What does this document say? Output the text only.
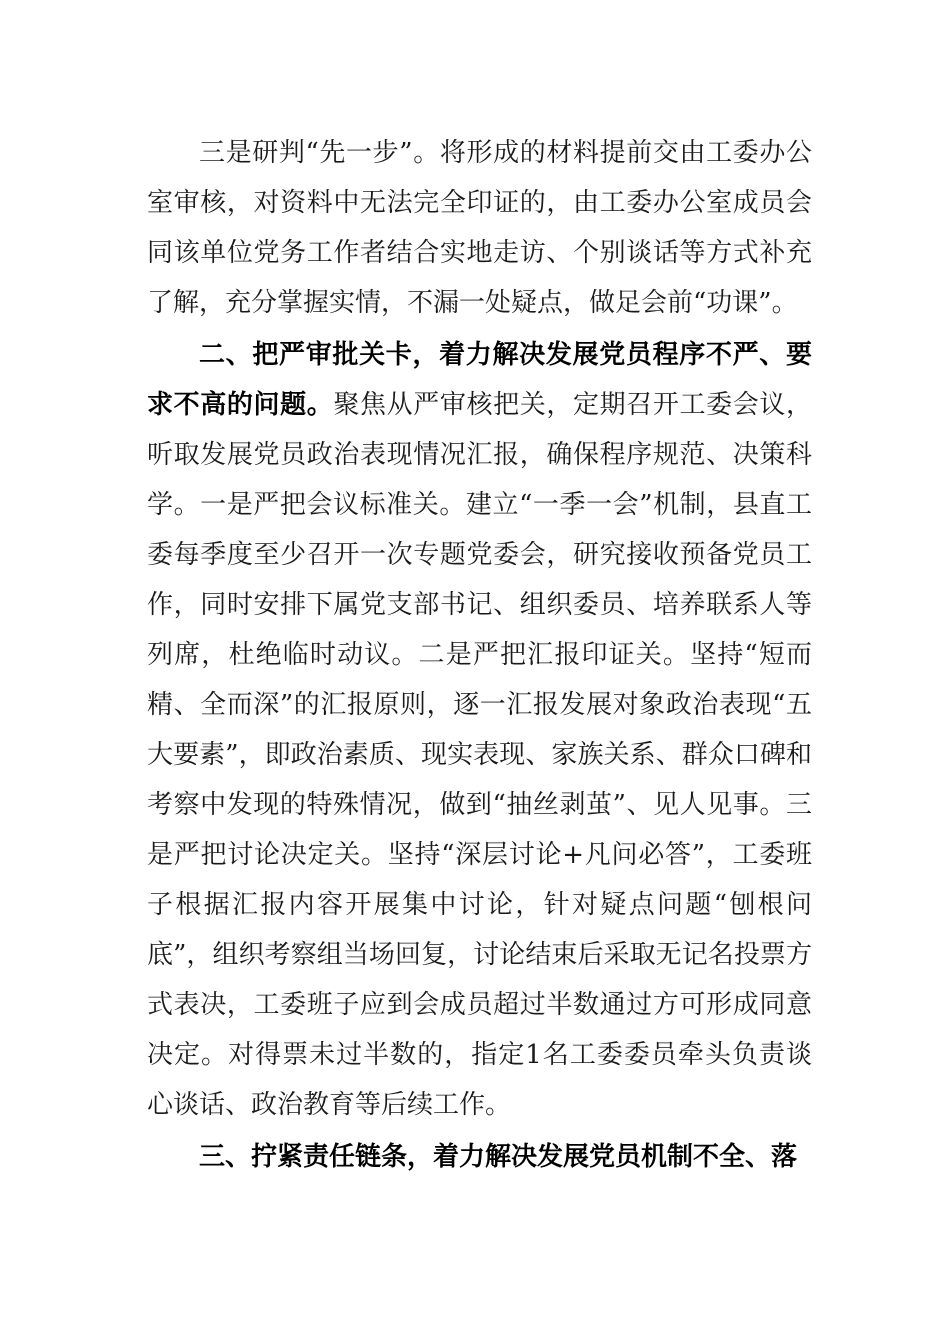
三是研判“先一步”。将形成的材料提前交由工委办公室审核，对资料中无法完全印证的，由工委办公室成员会同该单位党务工作者结合实地走访、个别谈话等方式补充了解，充分掌握实情，不漏一处疑点，做足会前“功课”。

二、把严审批关卡，着力解决发展党员程序不严、要求不高的问题。聚焦从严审核把关，定期召开工委会议，听取发展党员政治表现情况汇报，确保程序规范、决策科学。一是严把会议标准关。建立“一季一会”机制，县直工委每季度至少召开一次专题党委会，研究接收预备党员工作，同时安排下属党支部书记、组织委员、培养联系人等列席，杜绝临时动议。二是严把汇报印证关。坚持“短而精、全而深”的汇报原则，逐一汇报发展对象政治表现“五大要素”，即政治素质、现实表现、家族关系、群众口碑和考察中发现的特殊情况，做到“抽丝剥茧”、见人见事。三是严把讨论决定关。坚持“深层讨论+凡问必答”，工委班子根据汇报内容开展集中讨论，针对疑点问题“刨根问底”，组织考察组当场回复，讨论结束后采取无记名投票方式表决，工委班子应到会成员超过半数通过方可形成同意决定。对得票未过半数的，指定1名工委委员牵头负责谈心谈话、政治教育等后续工作。

三、拧紧责任链条，着力解决发展党员机制不全、落
